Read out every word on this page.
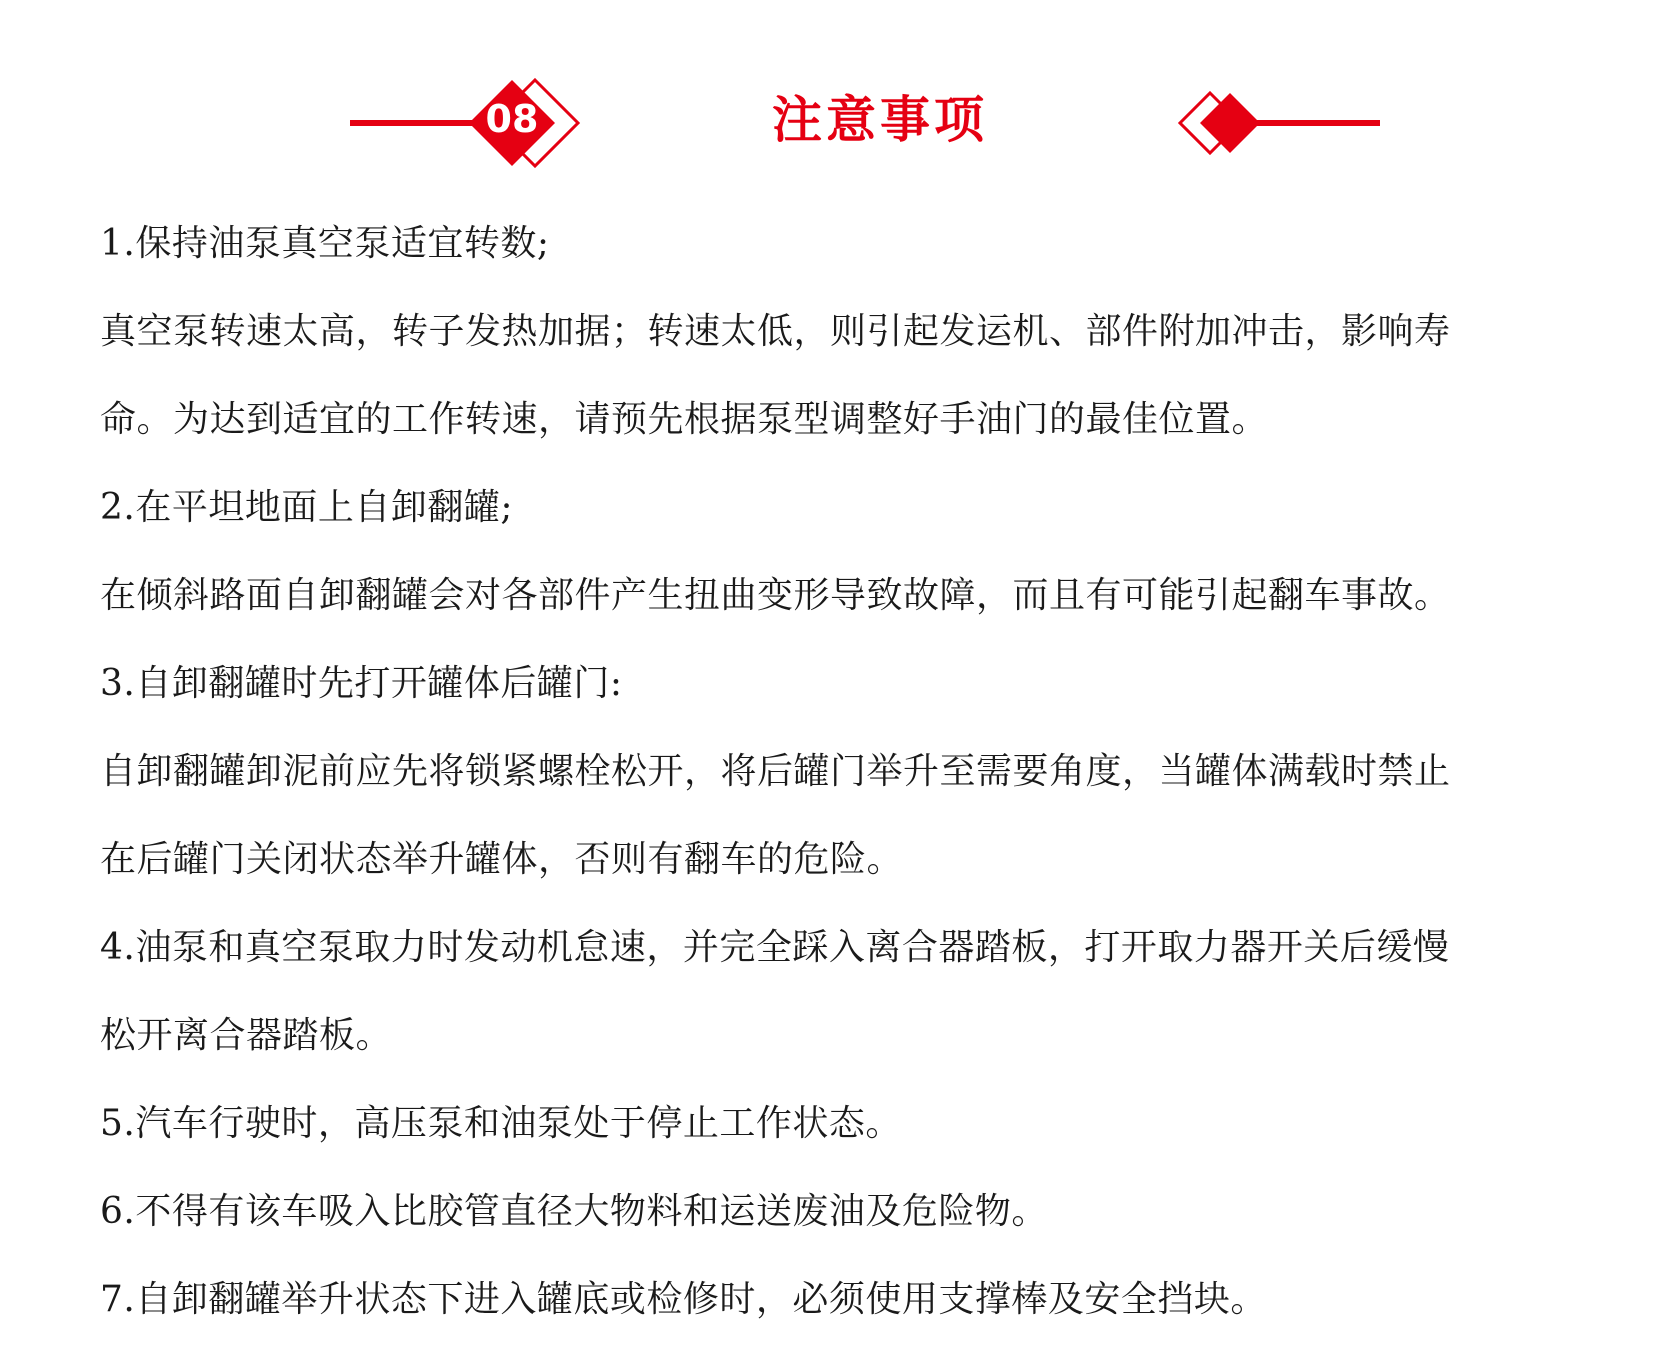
08	注意事项
1.保持油泵真空泵适宜转数;
真空泵转速太高，转子发热加据；转速太低，则引起发运机、部件附加冲击，影响寿
命。为达到适宜的工作转速，请预先根据泵型调整好手油门的最佳位置。
2.在平坦地面上自卸翻罐;
在倾斜路面自卸翻罐会对各部件产生扭曲变形导致故障，而且有可能引起翻车事故。
3.自卸翻罐时先打开罐体后罐门:
自卸翻罐卸泥前应先将锁紧螺栓松开，将后罐门举升至需要角度，当罐体满载时禁止
在后罐门关闭状态举升罐体，否则有翻车的危险。
4.油泵和真空泵取力时发动机怠速，并完全踩入离合器踏板，打开取力器开关后缓慢
松开离合器踏板。
5.汽车行驶时，高压泵和油泵处于停止工作状态。
6.不得有该车吸入比胶管直径大物料和运送废油及危险物。
7.自卸翻罐举升状态下进入罐底或检修时，必须使用支撑棒及安全挡块。
